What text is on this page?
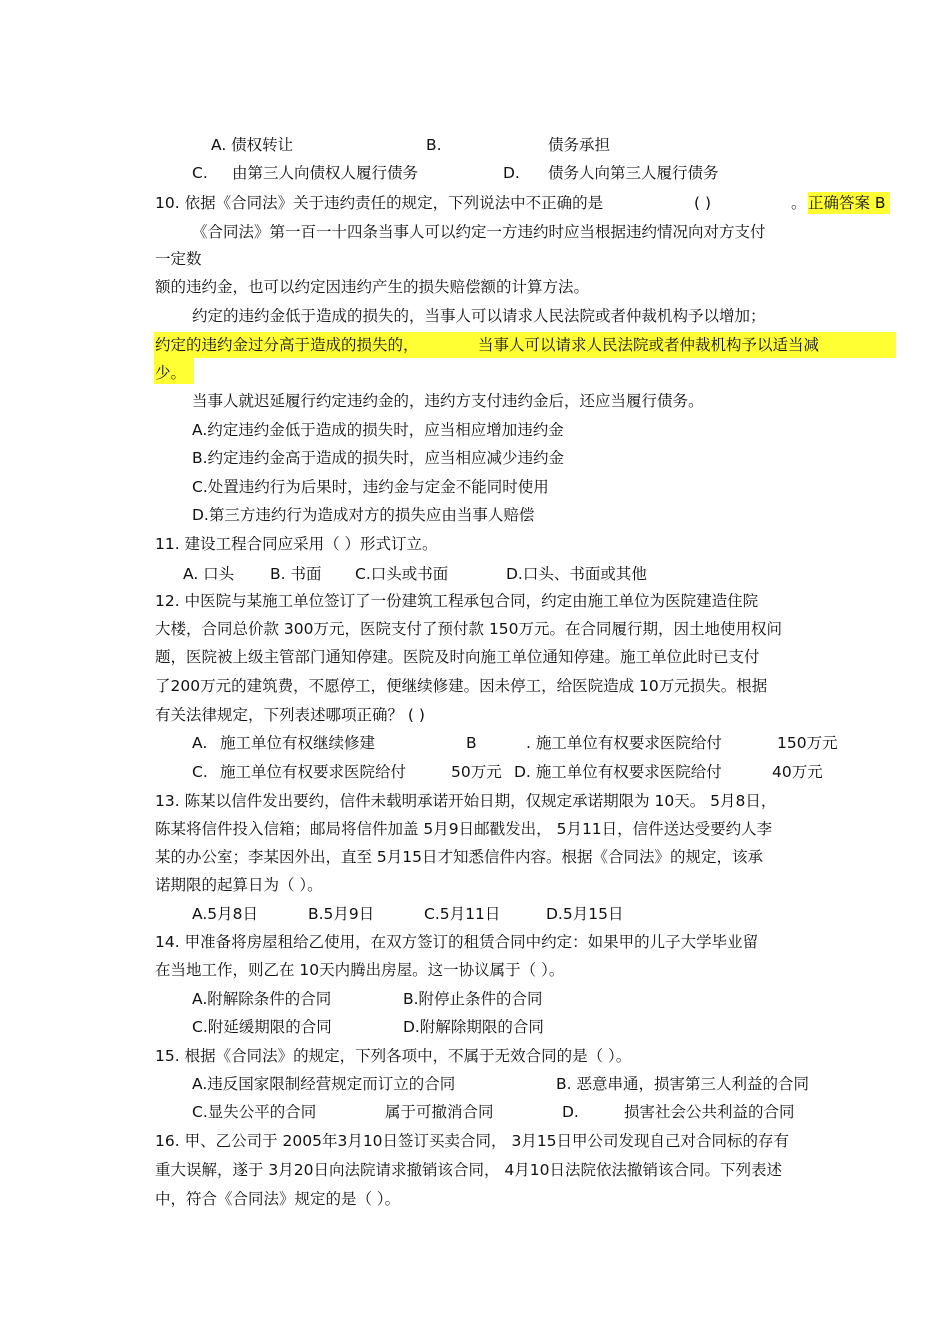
A. 债权转让	B.	债务承担
C. 由第三人向债权人履行债务	D. 债务人向第三人履行债务
10. 依据《合同法》关于违约责任的规定，下列说法中不正确的是	( )	。 正确答案 B
《合同法》第一百一十四条当事人可以约定一方违约时应当根据违约情况向对方支付
一定数
额的违约金，也可以约定因违约产生的损失赔偿额的计算方法。
约定的违约金低于造成的损失的，当事人可以请求人民法院或者仲裁机构予以增加；
约定的违约金过分高于造成的损失的，	当事人可以请求人民法院或者仲裁机构予以适当减
少。
当事人就迟延履行约定违约金的，违约方支付违约金后，还应当履行债务。
A.约定违约金低于造成的损失时，应当相应增加违约金
B.约定违约金高于造成的损失时，应当相应减少违约金
C.处置违约行为后果时，违约金与定金不能同时使用
D.第三方违约行为造成对方的损失应由当事人赔偿
11. 建设工程合同应采用（ ）形式订立。
A. 口头 B. 书面 C.口头或书面	D.口头、书面或其他
12. 中医院与某施工单位签订了一份建筑工程承包合同，约定由施工单位为医院建造住院
大楼，合同总价款 300万元，医院支付了预付款 150万元。在合同履行期，因土地使用权问
题，医院被上级主管部门通知停建。医院及时向施工单位通知停建。施工单位此时已支付
了200万元的建筑费，不愿停工，便继续修建。因未停工，给医院造成 10万元损失。根据
有关法律规定，下列表述哪项正确？ ( )
A. 施工单位有权继续修建	B	. 施工单位有权要求医院给付	150万元
C. 施工单位有权要求医院给付	50万元 D. 施工单位有权要求医院给付	40万元
13. 陈某以信件发出要约，信件未载明承诺开始日期，仅规定承诺期限为 10天。 5月8日，
陈某将信件投入信箱；邮局将信件加盖 5月9日邮戳发出， 5月11日，信件送达受要约人李
某的办公室；李某因外出，直至 5月15日才知悉信件内容。根据《合同法》的规定，该承
诺期限的起算日为（ ）。
A.5月8日	B.5月9日	C.5月11日	D.5月15日
14. 甲准备将房屋租给乙使用，在双方签订的租赁合同中约定：如果甲的儿子大学毕业留
在当地工作，则乙在 10天内腾出房屋。这一协议属于（ ）。
A.附解除条件的合同	B.附停止条件的合同
C.附延缓期限的合同	D.附解除期限的合同
15. 根据《合同法》的规定，下列各项中，不属于无效合同的是（ ）。
A.违反国家限制经营规定而订立的合同	B. 恶意串通，损害第三人利益的合同
C.显失公平的合同	属于可撤消合同	D.	损害社会公共利益的合同
16. 甲、乙公司于 2005年3月10日签订买卖合同， 3月15日甲公司发现自己对合同标的存有
重大误解，遂于 3月20日向法院请求撤销该合同， 4月10日法院依法撤销该合同。下列表述
中，符合《合同法》规定的是（ ）。
